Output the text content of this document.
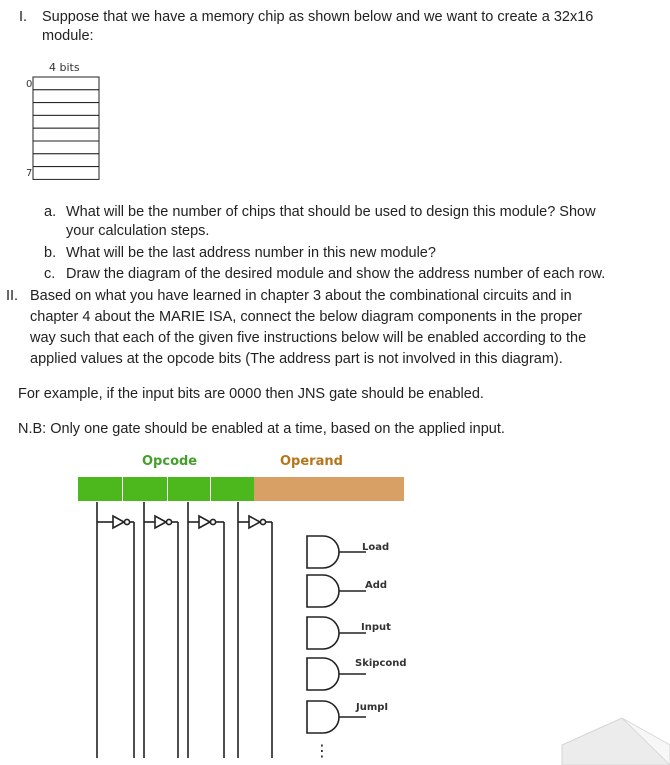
I. Suppose that we have a memory chip as shown below and we want to create a 32x16
module:
4 bits
0
7
a. What will be the number of chips that should be used to design this module? Show
your calculation steps.
b. What will be the last address number in this new module?
c. Draw the diagram of the desired module and show the address number of each row.
II. Based on what you have learned in chapter 3 about the combinational circuits and in
chapter 4 about the MARIE ISA, connect the below diagram components in the proper
way such that each of the given five instructions below will be enabled according to the
applied values at the opcode bits (The address part is not involved in this diagram).
For example, if the input bits are 0000 then JNS gate should be enabled.
N.B: Only one gate should be enabled at a time, based on the applied input.
Opcode	Operand
Load
Add
Input
Skipcond
JumpI
⋮
